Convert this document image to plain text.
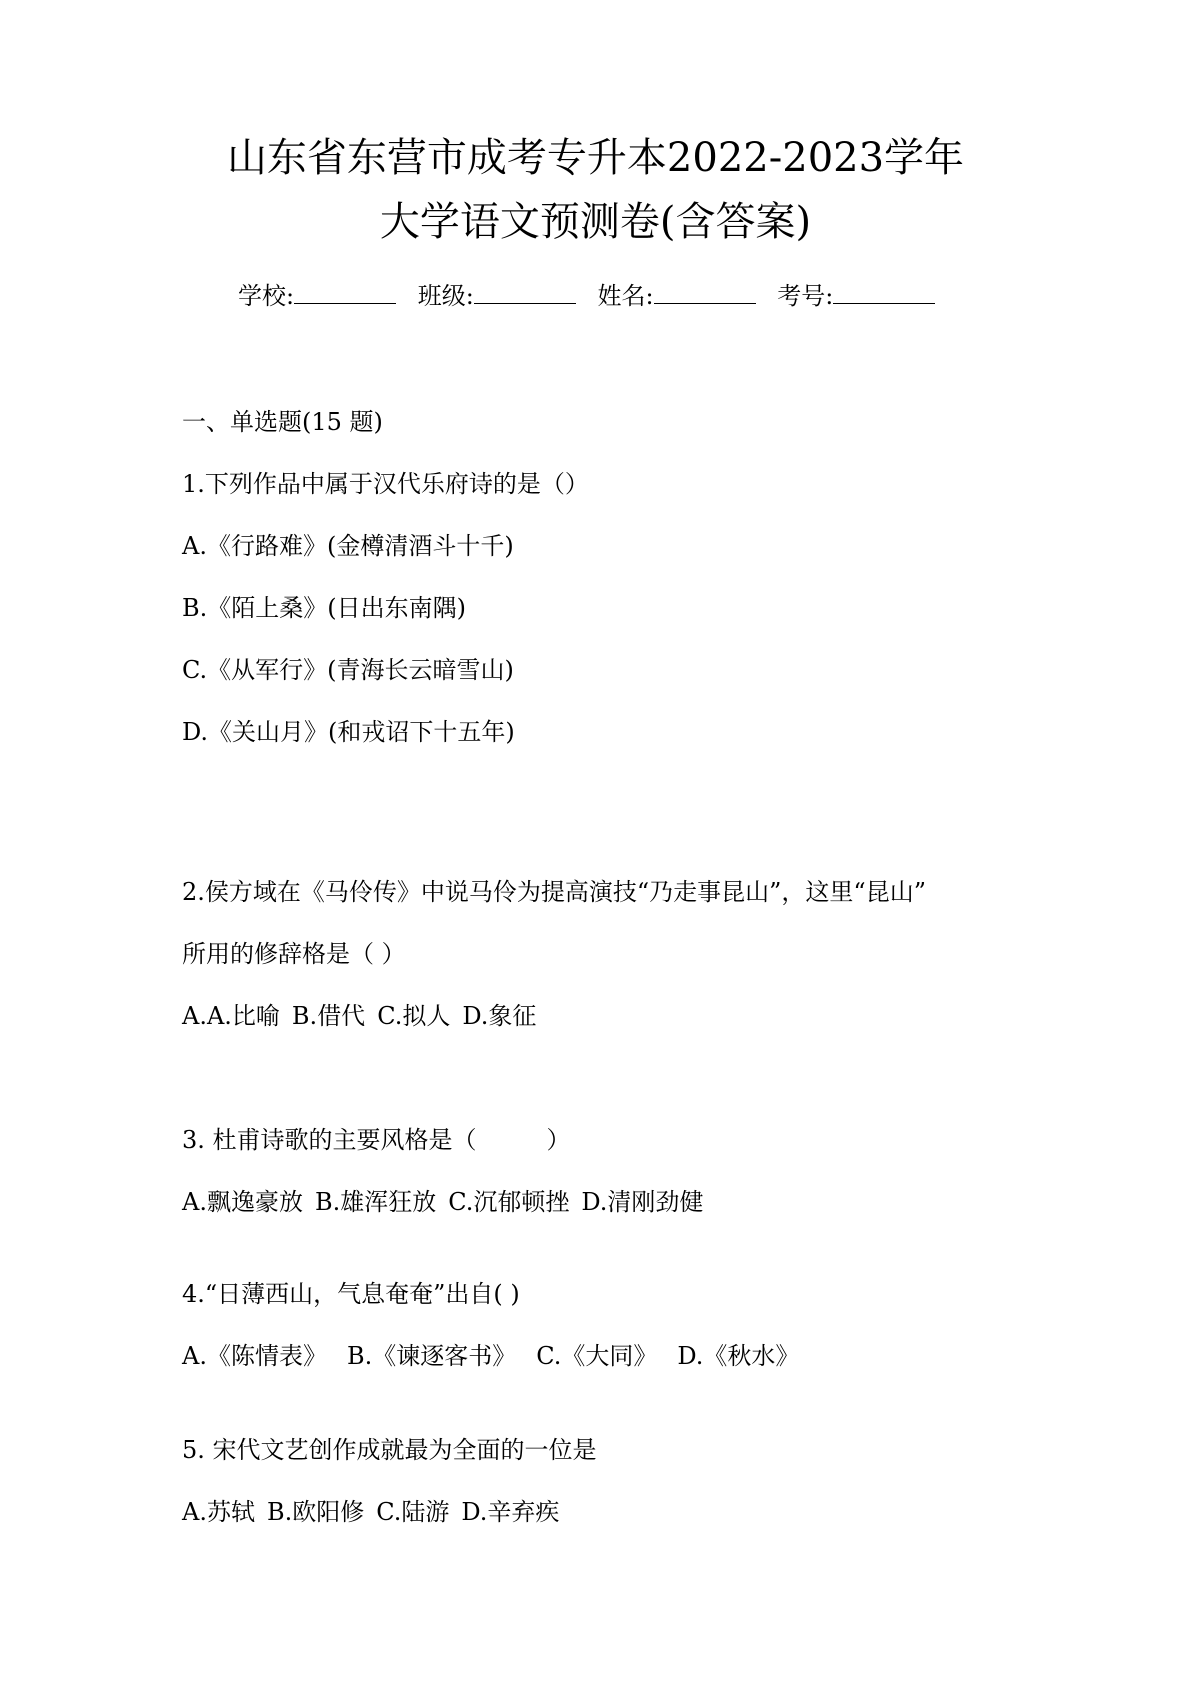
山东省东营市成考专升本2022-2023学年
大学语文预测卷(含答案)
学校:	班级:	姓名:	考号:
一、单选题(15 题)
1.下列作品中属于汉代乐府诗的是（）
A.《行路难》(金樽清酒斗十千)
B.《陌上桑》(日出东南隅)
C.《从军行》(青海长云暗雪山)
D.《关山月》(和戎诏下十五年)
2.侯方域在《马伶传》中说马伶为提高演技“乃走事昆山”，这里“昆山”
所用的修辞格是（ ）
A.A.比喻 B.借代 C.拟人 D.象征
3. 杜甫诗歌的主要风格是（	）
A.飘逸豪放 B.雄浑狂放 C.沉郁顿挫 D.清刚劲健
4.“日薄西山，气息奄奄”出自( )
A.《陈情表》 B.《谏逐客书》 C.《大同》 D.《秋水》
5. 宋代文艺创作成就最为全面的一位是
A.苏轼 B.欧阳修 C.陆游 D.辛弃疾
